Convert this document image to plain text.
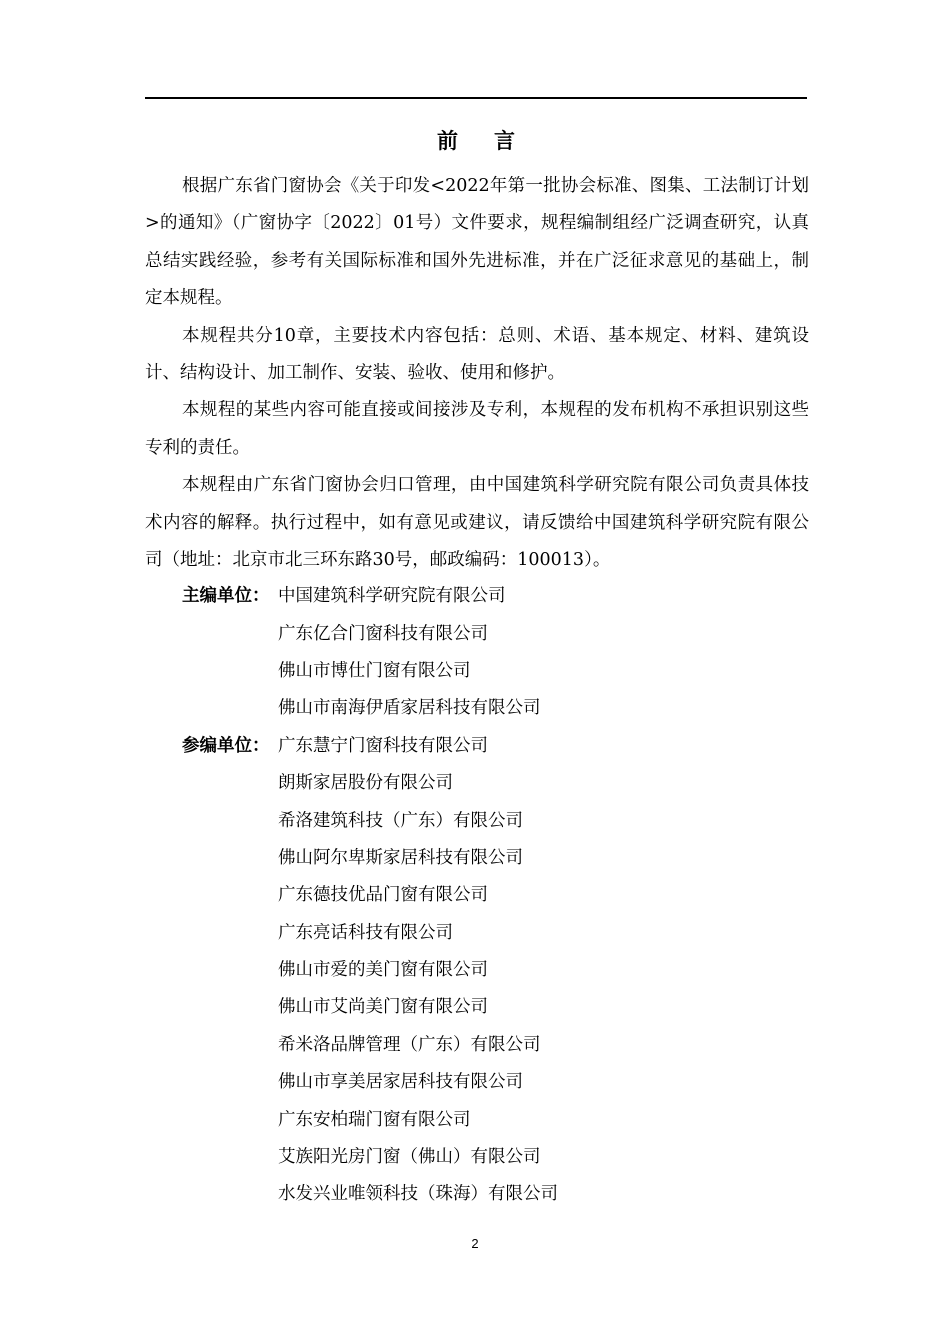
前言

根据广东省门窗协会《关于印发<2022年第一批协会标准、图集、工法制订计划>的通知》（广窗协字〔2022〕01号）文件要求，规程编制组经广泛调查研究，认真总结实践经验，参考有关国际标准和国外先进标准，并在广泛征求意见的基础上，制定本规程。

本规程共分10章，主要技术内容包括：总则、术语、基本规定、材料、建筑设计、结构设计、加工制作、安装、验收、使用和修护。

本规程的某些内容可能直接或间接涉及专利，本规程的发布机构不承担识别这些专利的责任。

本规程由广东省门窗协会归口管理，由中国建筑科学研究院有限公司负责具体技术内容的解释。执行过程中，如有意见或建议，请反馈给中国建筑科学研究院有限公司（地址：北京市北三环东路30号，邮政编码：100013）。

主编单位： 中国建筑科学研究院有限公司
广东亿合门窗科技有限公司
佛山市博仕门窗有限公司
佛山市南海伊盾家居科技有限公司
参编单位： 广东慧宁门窗科技有限公司
朗斯家居股份有限公司
希洛建筑科技（广东）有限公司
佛山阿尔卑斯家居科技有限公司
广东德技优品门窗有限公司
广东亮话科技有限公司
佛山市爱的美门窗有限公司
佛山市艾尚美门窗有限公司
希米洛品牌管理（广东）有限公司
佛山市享美居家居科技有限公司
广东安柏瑞门窗有限公司
艾族阳光房门窗（佛山）有限公司
水发兴业唯领科技（珠海）有限公司
2
